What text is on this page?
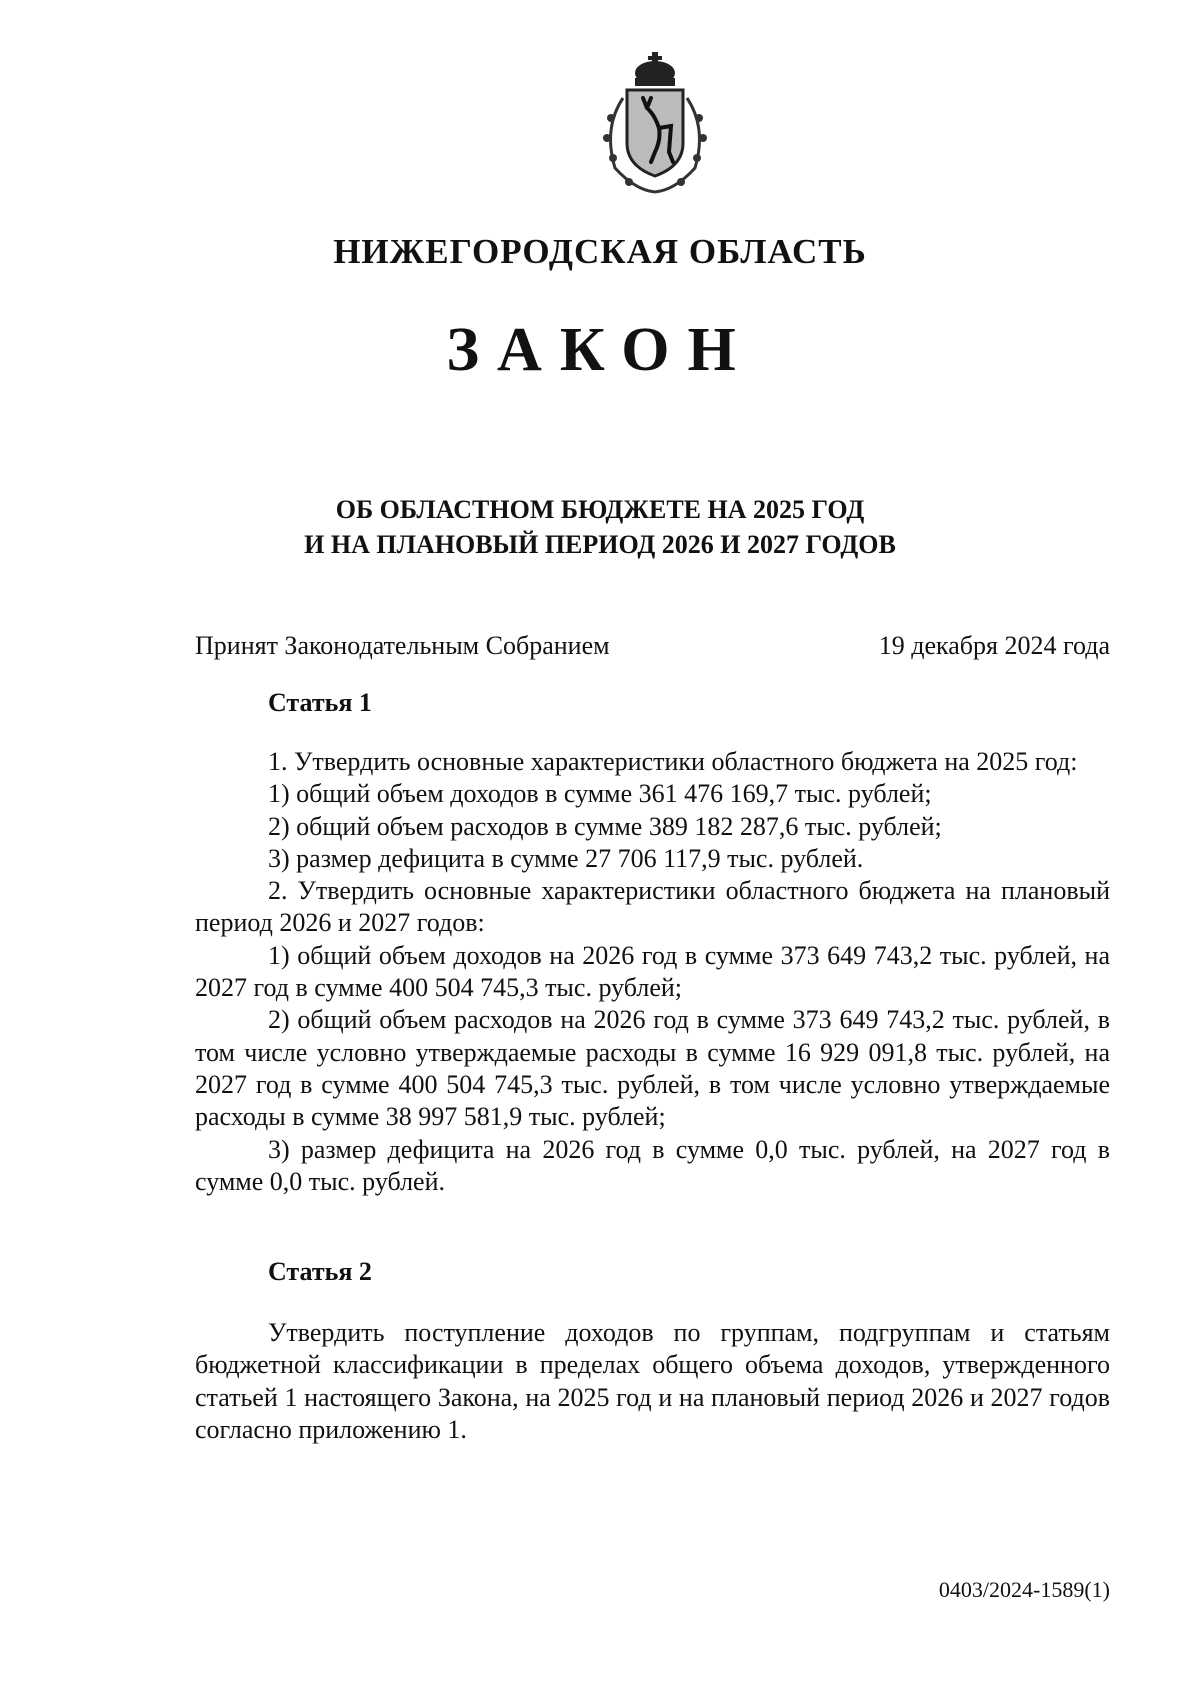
НИЖЕГОРОДСКАЯ ОБЛАСТЬ
ЗАКОН
ОБ ОБЛАСТНОМ БЮДЖЕТЕ НА 2025 ГОД
И НА ПЛАНОВЫЙ ПЕРИОД 2026 И 2027 ГОДОВ
Принят Законодательным Собранием	19 декабря 2024 года
Статья 1

1. Утвердить основные характеристики областного бюджета на 2025 год:

1) общий объем доходов в сумме 361 476 169,7 тыс. рублей;

2) общий объем расходов в сумме 389 182 287,6 тыс. рублей;

3) размер дефицита в сумме 27 706 117,9 тыс. рублей.

2. Утвердить основные характеристики областного бюджета на плановый период 2026 и 2027 годов:

1) общий объем доходов на 2026 год в сумме 373 649 743,2 тыс. рублей, на 2027 год в сумме 400 504 745,3 тыс. рублей;

2) общий объем расходов на 2026 год в сумме 373 649 743,2 тыс. рублей, в том числе условно утверждаемые расходы в сумме 16 929 091,8 тыс. рублей, на 2027 год в сумме 400 504 745,3 тыс. рублей, в том числе условно утверждаемые расходы в сумме 38 997 581,9 тыс. рублей;

3) размер дефицита на 2026 год в сумме 0,0 тыс. рублей, на 2027 год в сумме 0,0 тыс. рублей.

Статья 2

Утвердить поступление доходов по группам, подгруппам и статьям бюджетной классификации в пределах общего объема доходов, утвержденного статьей 1 настоящего Закона, на 2025 год и на плановый период 2026 и 2027 годов согласно приложению 1.

0403/2024-1589(1)
